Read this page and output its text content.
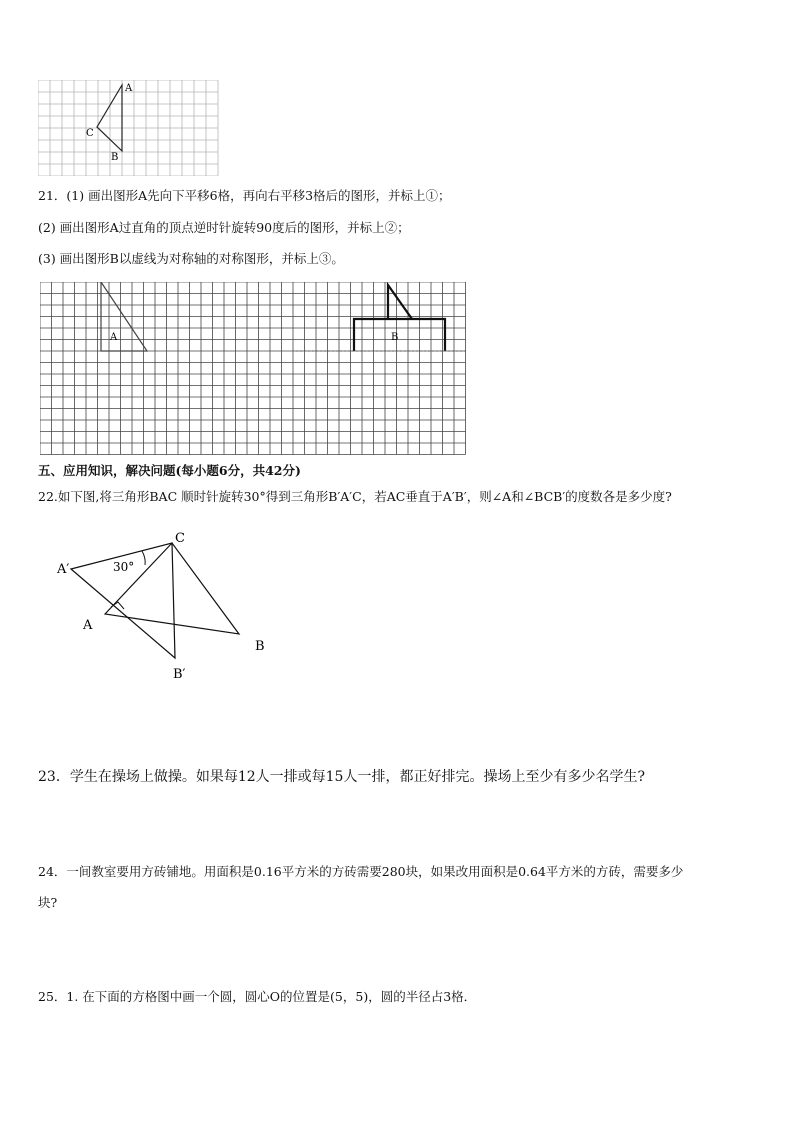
A
C
B
21．(1) 画出图形A先向下平移6格，再向右平移3格后的图形，并标上①；
(2) 画出图形A过直角的顶点逆时针旋转90度后的图形，并标上②；
(3) 画出图形B以虚线为对称轴的对称图形，并标上③。
A	B
五、应用知识，解决问题(每小题6分，共42分)
22.如下图,将三角形BAC 顺时针旋转30°得到三角形B′A′C，若AC垂直于A′B′，则∠A和∠BCB′的度数各是多少度?
C
A′	30°
A
B
B′
23．学生在操场上做操。如果每12人一排或每15人一排，都正好排完。操场上至少有多少名学生?
24．一间教室要用方砖铺地。用面积是0.16平方米的方砖需要280块，如果改用面积是0.64平方米的方砖，需要多少
块?
25．1. 在下面的方格图中画一个圆，圆心O的位置是(5，5)，圆的半径占3格．
